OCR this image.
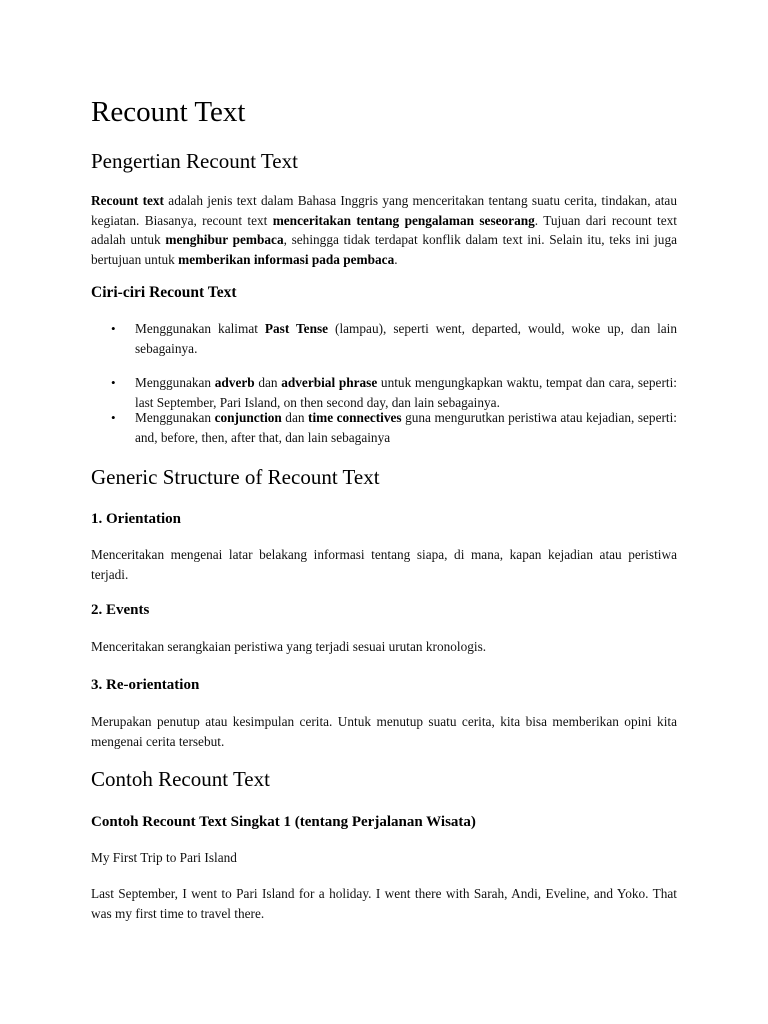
Recount Text
Pengertian Recount Text

Recount text adalah jenis text dalam Bahasa Inggris yang menceritakan tentang suatu cerita, tindakan, atau kegiatan. Biasanya, recount text menceritakan tentang pengalaman seseorang. Tujuan dari recount text adalah untuk menghibur pembaca, sehingga tidak terdapat konflik dalam text ini. Selain itu, teks ini juga bertujuan untuk memberikan informasi pada pembaca.

Ciri-ciri Recount Text
• Menggunakan kalimat Past Tense (lampau), seperti went, departed, would, woke up, dan lain sebagainya.

• Menggunakan adverb dan adverbial phrase untuk mengungkapkan waktu, tempat dan cara, seperti: last September, Pari Island, on then second day, dan lain sebagainya.

• Menggunakan conjunction dan time connectives guna mengurutkan peristiwa atau kejadian, seperti: and, before, then, after that, dan lain sebagainya

Generic Structure of Recount Text
1. Orientation

Menceritakan mengenai latar belakang informasi tentang siapa, di mana, kapan kejadian atau peristiwa terjadi.

2. Events

Menceritakan serangkaian peristiwa yang terjadi sesuai urutan kronologis.

3. Re-orientation

Merupakan penutup atau kesimpulan cerita. Untuk menutup suatu cerita, kita bisa memberikan opini kita mengenai cerita tersebut.

Contoh Recount Text
Contoh Recount Text Singkat 1 (tentang Perjalanan Wisata)

My First Trip to Pari Island

Last September, I went to Pari Island for a holiday. I went there with Sarah, Andi, Eveline, and Yoko. That was my first time to travel there.
